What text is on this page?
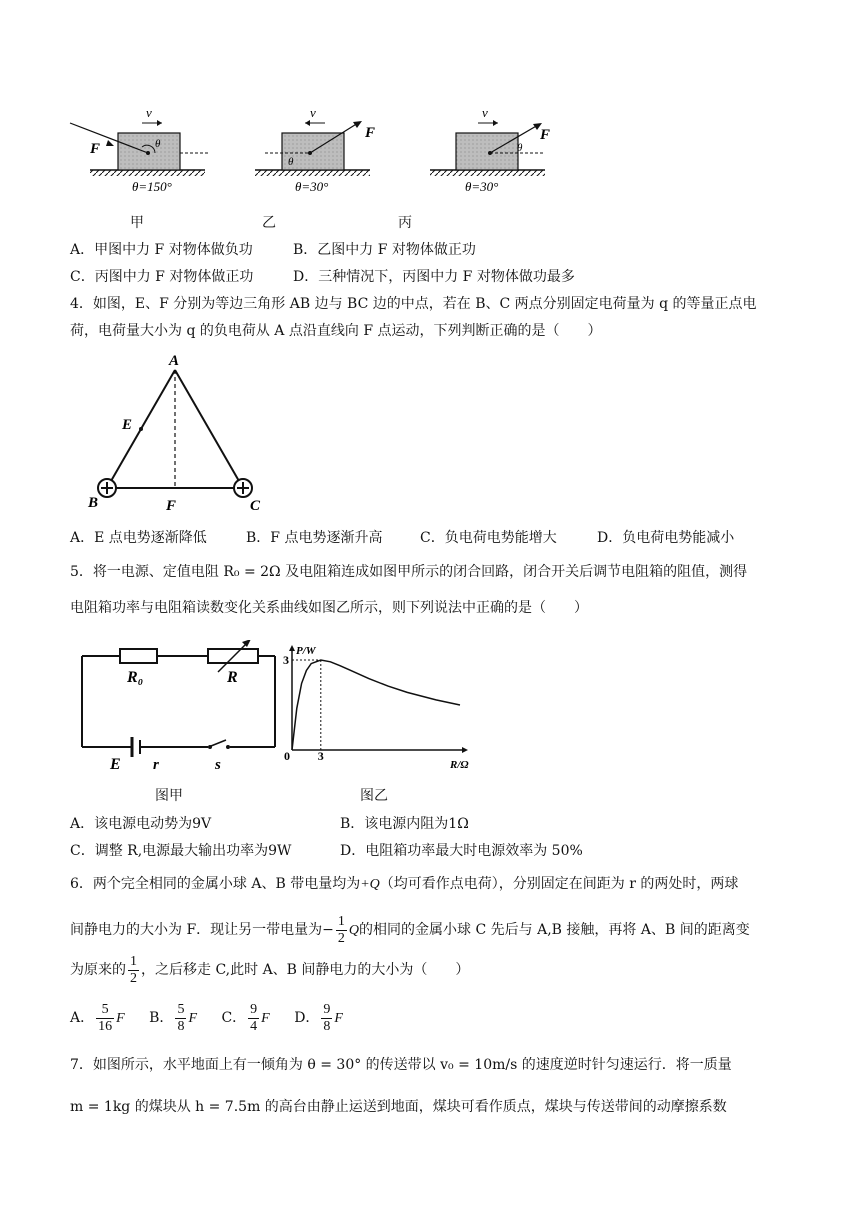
θ
F
v
θ
F
v
θ
F
v
θ=150°	θ=30°	θ=30°
甲	乙	丙
A．甲图中力 F 对物体做负功	B．乙图中力 F 对物体做正功
C．丙图中力 F 对物体做正功	D．三种情况下，丙图中力 F 对物体做功最多
4．如图，E、F 分别为等边三角形 AB 边与 BC 边的中点，若在 B、C 两点分别固定电荷量为 q 的等量正点电
荷，电荷量大小为 q 的负电荷从 A 点沿直线向 F 点运动，下列判断正确的是（　　）
A
E
B	F	C
A．E 点电势逐渐降低	B．F 点电势逐渐升高	C．负电荷电势能增大	D．负电荷电势能减小
5．将一电源、定值电阻 R₀ = 2Ω 及电阻箱连成如图甲所示的闭合回路，闭合开关后调节电阻箱的阻值，测得
电阻箱功率与电阻箱读数变化关系曲线如图乙所示，则下列说法中正确的是（　　）
R₀	R
E r	s
P/W
R/Ω
0 3
3
图甲	图乙
A．该电源电动势为9V	B．该电源内阻为1Ω
C．调整 R,电源最大输出功率为9W	D．电阻箱功率最大时电源效率为 50%
6．两个完全相同的金属小球 A、B 带电量均为+Q（均可看作点电荷），分别固定在间距为 r 的两处时，两球
间静电力的大小为 F．现让另一带电量为− $\frac{1}{2}$ Q的相同的金属小球 C 先后与 A,B 接触，再将 A、B 间的距离变
为原来的 $\frac{1}{2}$ ，之后移走 C,此时 A、B 间静电力的大小为（　　）
A． $\frac{5}{16}$ F B． $\frac{5}{8}$ F C． $\frac{9}{4}$ F D． $\frac{9}{8}$ F
7．如图所示，水平地面上有一倾角为 θ = 30° 的传送带以 v₀ = 10m/s 的速度逆时针匀速运行．将一质量
m = 1kg 的煤块从 h = 7.5m 的高台由静止运送到地面，煤块可看作质点，煤块与传送带间的动摩擦系数
